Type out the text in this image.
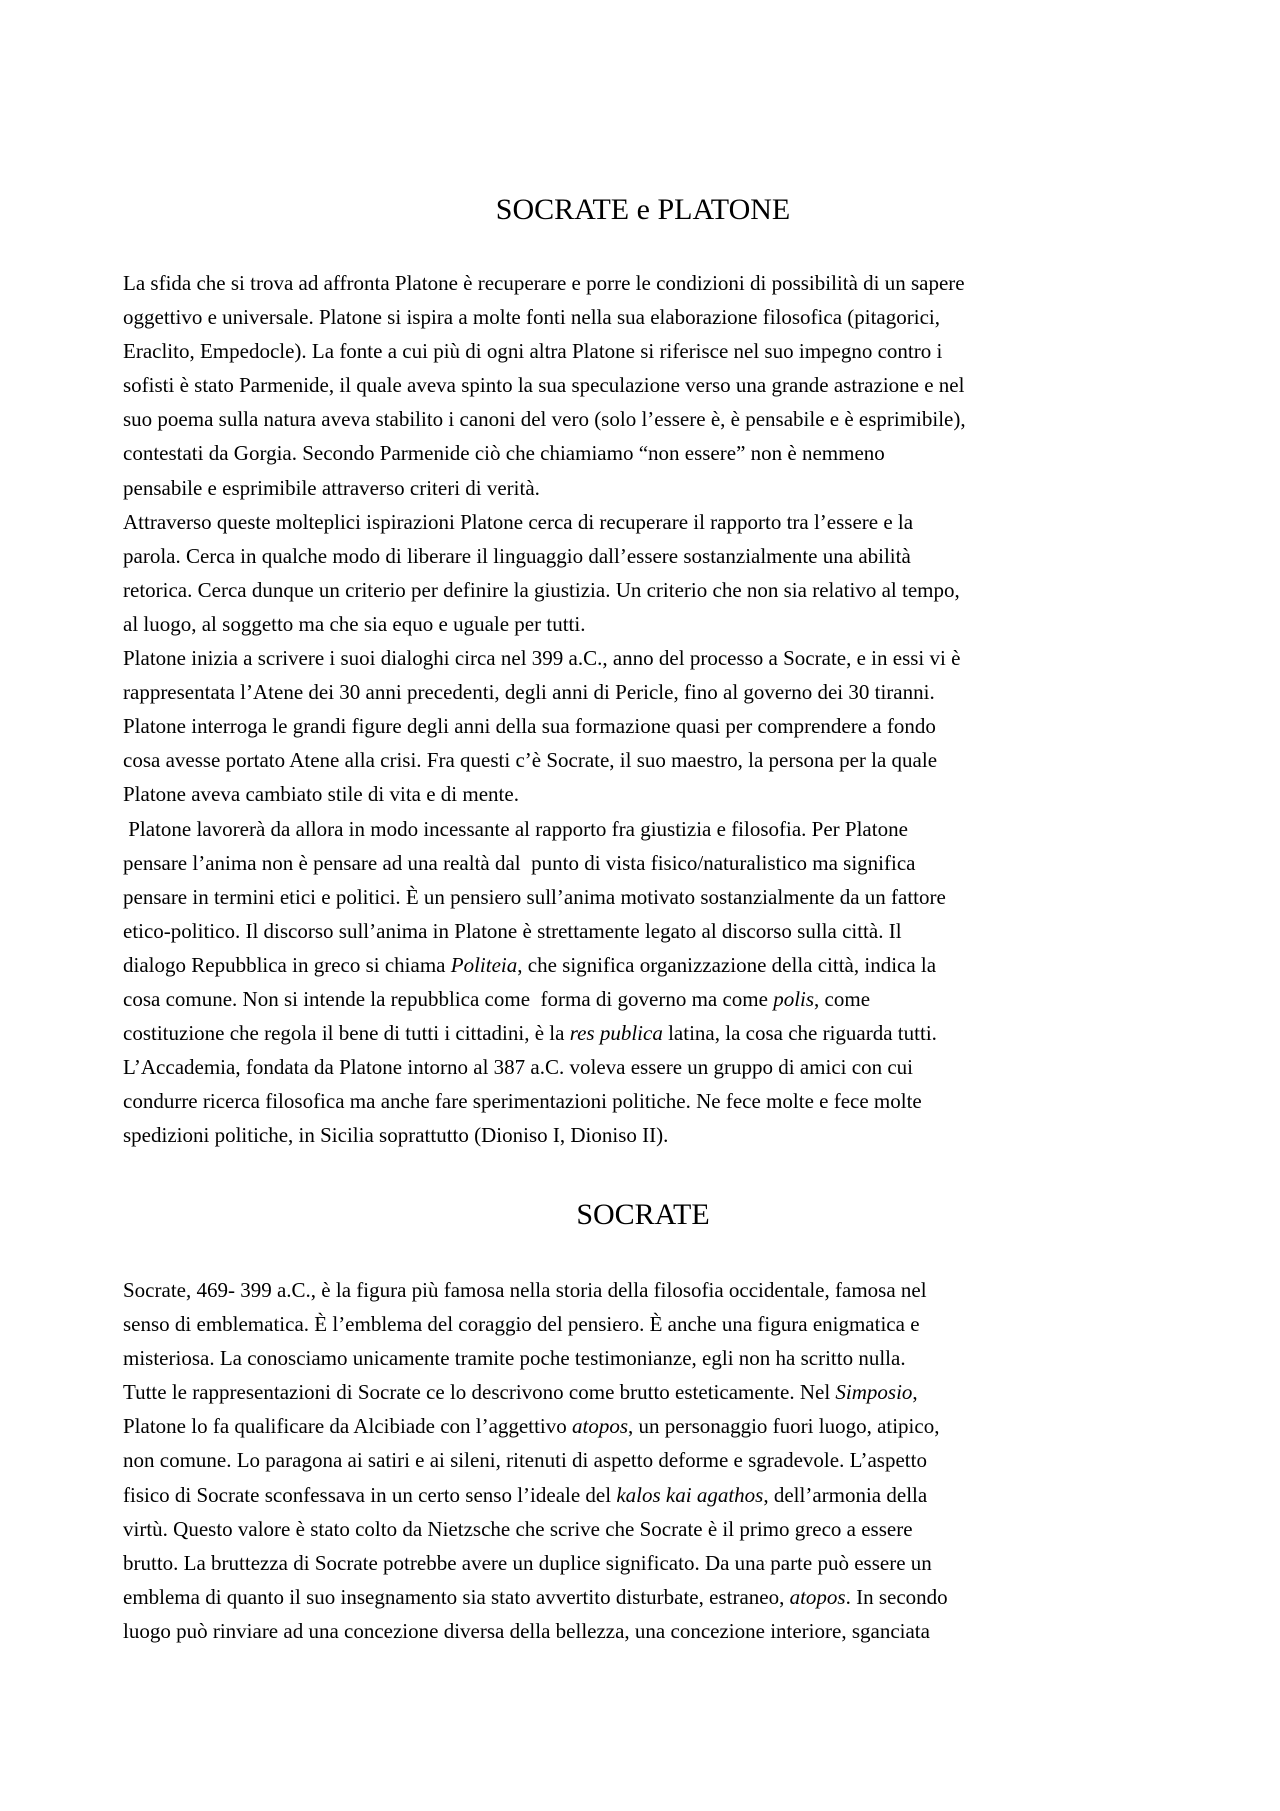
SOCRATE e PLATONE
La sfida che si trova ad affronta Platone è recuperare e porre le condizioni di possibilità di un sapere
oggettivo e universale. Platone si ispira a molte fonti nella sua elaborazione filosofica (pitagorici,
Eraclito, Empedocle). La fonte a cui più di ogni altra Platone si riferisce nel suo impegno contro i
sofisti è stato Parmenide, il quale aveva spinto la sua speculazione verso una grande astrazione e nel
suo poema sulla natura aveva stabilito i canoni del vero (solo l’essere è, è pensabile e è esprimibile),
contestati da Gorgia. Secondo Parmenide ciò che chiamiamo “non essere” non è nemmeno
pensabile e esprimibile attraverso criteri di verità.
Attraverso queste molteplici ispirazioni Platone cerca di recuperare il rapporto tra l’essere e la
parola. Cerca in qualche modo di liberare il linguaggio dall’essere sostanzialmente una abilità
retorica. Cerca dunque un criterio per definire la giustizia. Un criterio che non sia relativo al tempo,
al luogo, al soggetto ma che sia equo e uguale per tutti.
Platone inizia a scrivere i suoi dialoghi circa nel 399 a.C., anno del processo a Socrate, e in essi vi è
rappresentata l’Atene dei 30 anni precedenti, degli anni di Pericle, fino al governo dei 30 tiranni.
Platone interroga le grandi figure degli anni della sua formazione quasi per comprendere a fondo
cosa avesse portato Atene alla crisi. Fra questi c’è Socrate, il suo maestro, la persona per la quale
Platone aveva cambiato stile di vita e di mente.
Platone lavorerà da allora in modo incessante al rapporto fra giustizia e filosofia. Per Platone
pensare l’anima non è pensare ad una realtà dal  punto di vista fisico/naturalistico ma significa
pensare in termini etici e politici. È un pensiero sull’anima motivato sostanzialmente da un fattore
etico-politico. Il discorso sull’anima in Platone è strettamente legato al discorso sulla città. Il
dialogo Repubblica in greco si chiama Politeia, che significa organizzazione della città, indica la
cosa comune. Non si intende la repubblica come  forma di governo ma come polis, come
costituzione che regola il bene di tutti i cittadini, è la res publica latina, la cosa che riguarda tutti.
L’Accademia, fondata da Platone intorno al 387 a.C. voleva essere un gruppo di amici con cui
condurre ricerca filosofica ma anche fare sperimentazioni politiche. Ne fece molte e fece molte
spedizioni politiche, in Sicilia soprattutto (Dioniso I, Dioniso II).
SOCRATE
Socrate, 469- 399 a.C., è la figura più famosa nella storia della filosofia occidentale, famosa nel
senso di emblematica. È l’emblema del coraggio del pensiero. È anche una figura enigmatica e
misteriosa. La conosciamo unicamente tramite poche testimonianze, egli non ha scritto nulla.
Tutte le rappresentazioni di Socrate ce lo descrivono come brutto esteticamente. Nel Simposio,
Platone lo fa qualificare da Alcibiade con l’aggettivo atopos, un personaggio fuori luogo, atipico,
non comune. Lo paragona ai satiri e ai sileni, ritenuti di aspetto deforme e sgradevole. L’aspetto
fisico di Socrate sconfessava in un certo senso l’ideale del kalos kai agathos, dell’armonia della
virtù. Questo valore è stato colto da Nietzsche che scrive che Socrate è il primo greco a essere
brutto. La bruttezza di Socrate potrebbe avere un duplice significato. Da una parte può essere un
emblema di quanto il suo insegnamento sia stato avvertito disturbate, estraneo, atopos. In secondo
luogo può rinviare ad una concezione diversa della bellezza, una concezione interiore, sganciata
